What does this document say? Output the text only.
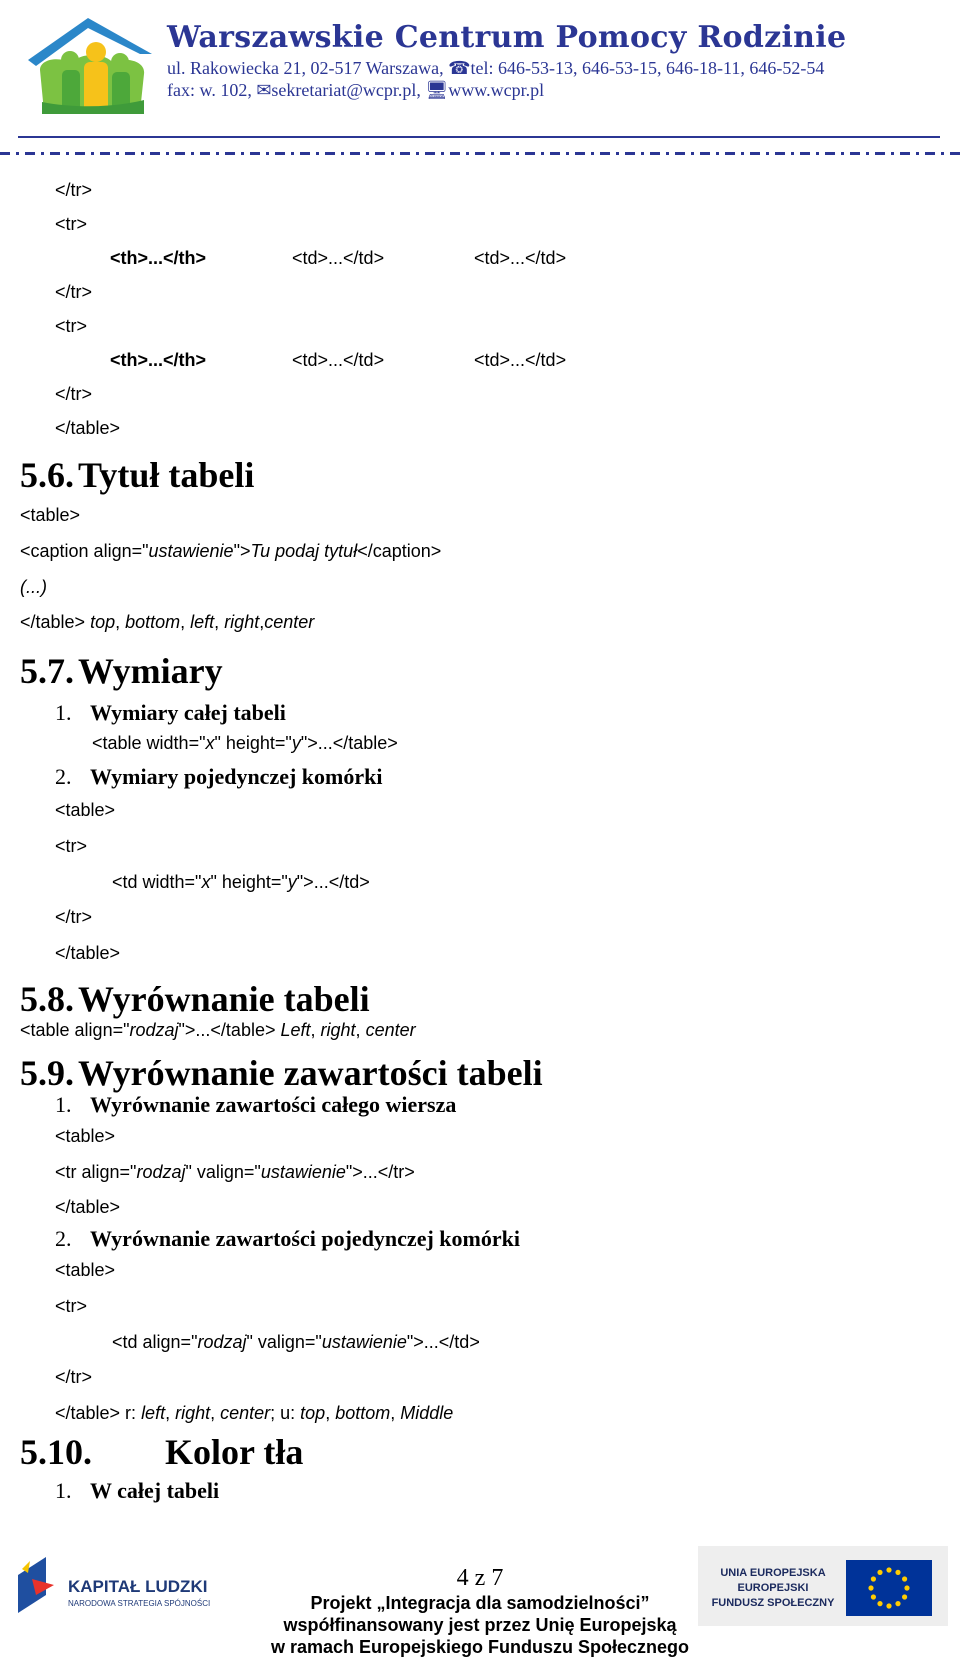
Warszawskie Centrum Pomocy Rodzinie
ul. Rakowiecka 21, 02-517 Warszawa, ☎tel: 646-53-13, 646-53-15, 646-18-11, 646-52-54
fax: w. 102, ✉sekretariat@wcpr.pl, 🖥www.wcpr.pl
</tr>
<tr>
<th>...</th>	<td>...</td>	<td>...</td>
</tr>
<tr>
<th>...</th>	<td>...</td>	<td>...</td>
</tr>
</table>
5.6. Tytuł tabeli
<table>
<caption align="ustawienie">Tu podaj tytuł</caption>
(...)
</table> top, bottom, left, right,center
5.7. Wymiary
1. Wymiary całej tabeli
<table width="x" height="y">...</table>
2. Wymiary pojedynczej komórki
<table>
<tr>
<td width="x" height="y">...</td>
</tr>
</table>
5.8. Wyrównanie tabeli
<table align="rodzaj">...</table> Left, right, center
5.9. Wyrównanie zawartości tabeli
1. Wyrównanie zawartości całego wiersza
<table>
<tr align="rodzaj" valign="ustawienie">...</tr>
</table>
2. Wyrównanie zawartości pojedynczej komórki
<table>
<tr>
<td align="rodzaj" valign="ustawienie">...</td>
</tr>
</table> r: left, right, center; u: top, bottom, Middle
5.10. Kolor tła
1. W całej tabeli
KAPITAŁ LUDZKI
NARODOWA STRATEGIA SPÓJNOŚCI
4 z 7
Projekt „Integracja dla samodzielności”
współfinansowany jest przez Unię Europejską
w ramach Europejskiego Funduszu Społecznego
UNIA EUROPEJSKA
EUROPEJSKI
FUNDUSZ SPOŁECZNY
